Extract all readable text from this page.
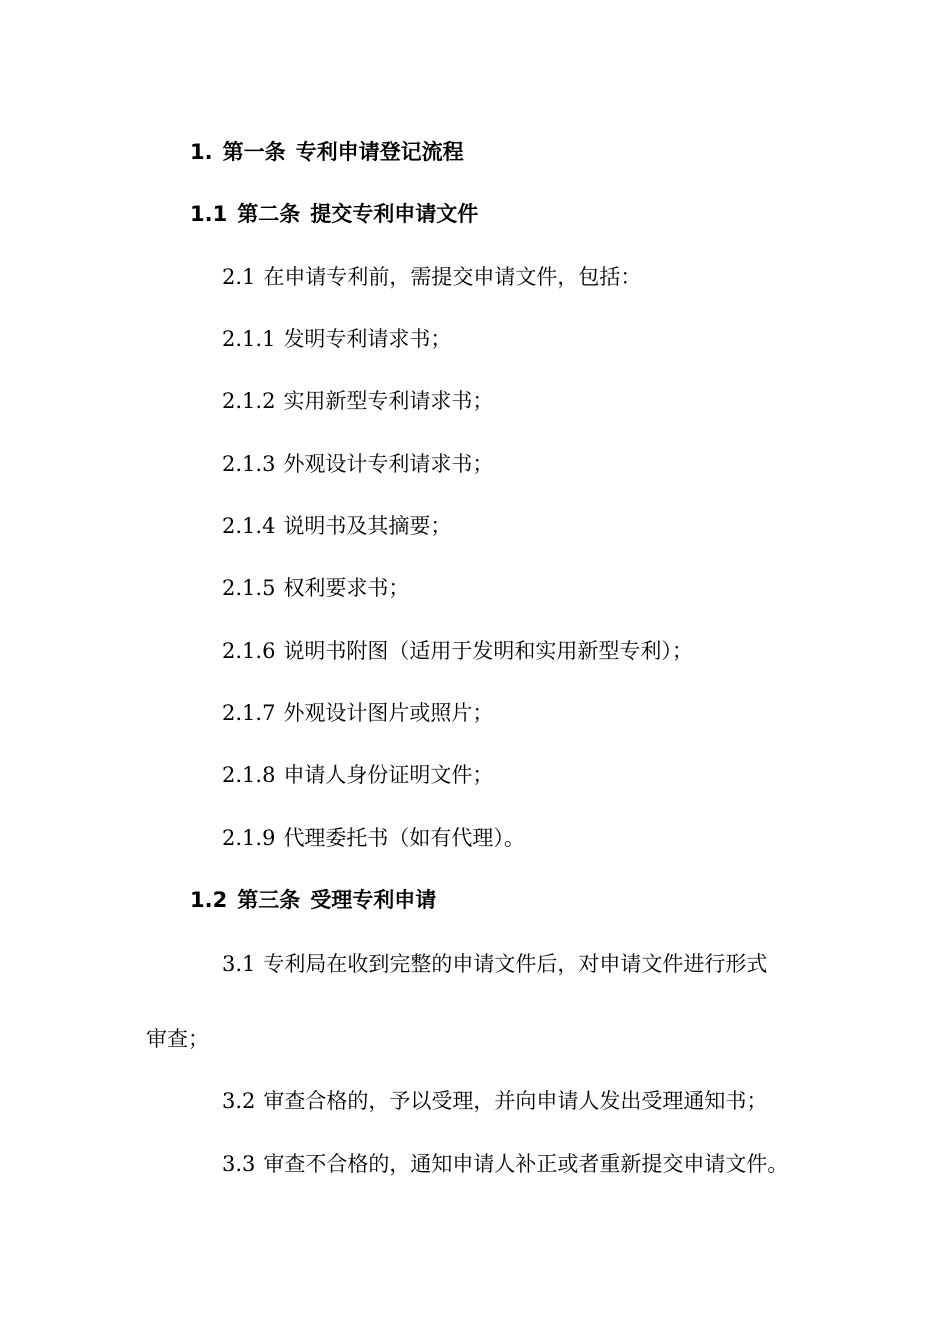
1. 第一条 专利申请登记流程
1.1 第二条 提交专利申请文件
2.1 在申请专利前，需提交申请文件，包括：
2.1.1 发明专利请求书；
2.1.2 实用新型专利请求书；
2.1.3 外观设计专利请求书；
2.1.4 说明书及其摘要；
2.1.5 权利要求书；
2.1.6 说明书附图（适用于发明和实用新型专利）；
2.1.7 外观设计图片或照片；
2.1.8 申请人身份证明文件；
2.1.9 代理委托书（如有代理）。
1.2 第三条 受理专利申请
3.1 专利局在收到完整的申请文件后，对申请文件进行形式
审查；
3.2 审查合格的，予以受理，并向申请人发出受理通知书；
3.3 审查不合格的，通知申请人补正或者重新提交申请文件。
